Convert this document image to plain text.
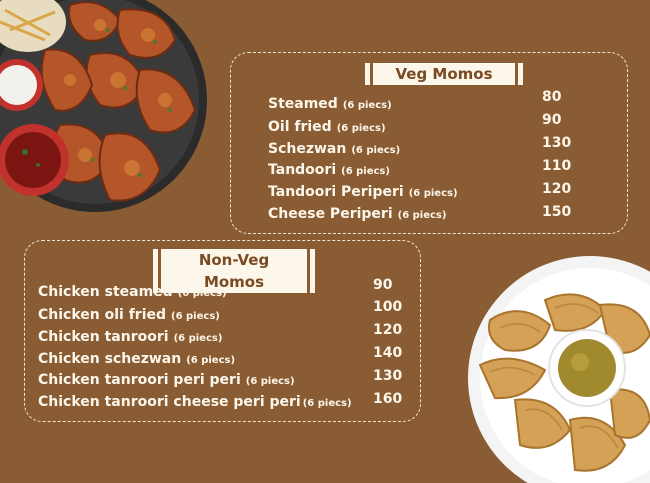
Veg Momos
Steamed (6 piecs)
80
Oil fried (6 piecs)
90
Schezwan (6 piecs)	130
Tandoori (6 piecs)	110
Tandoori Periperi (6 piecs)	120
Cheese Periperi (6 piecs)	150
Non-Veg Momos
Chicken steamed (6 piecs)
90
Chicken oli fried (6 piecs)
100
Chicken tanroori (6 piecs)
120
Chicken schezwan (6 piecs)	140
Chicken tanroori peri peri (6 piecs)	130
Chicken tanroori cheese peri peri (6 piecs) 160
